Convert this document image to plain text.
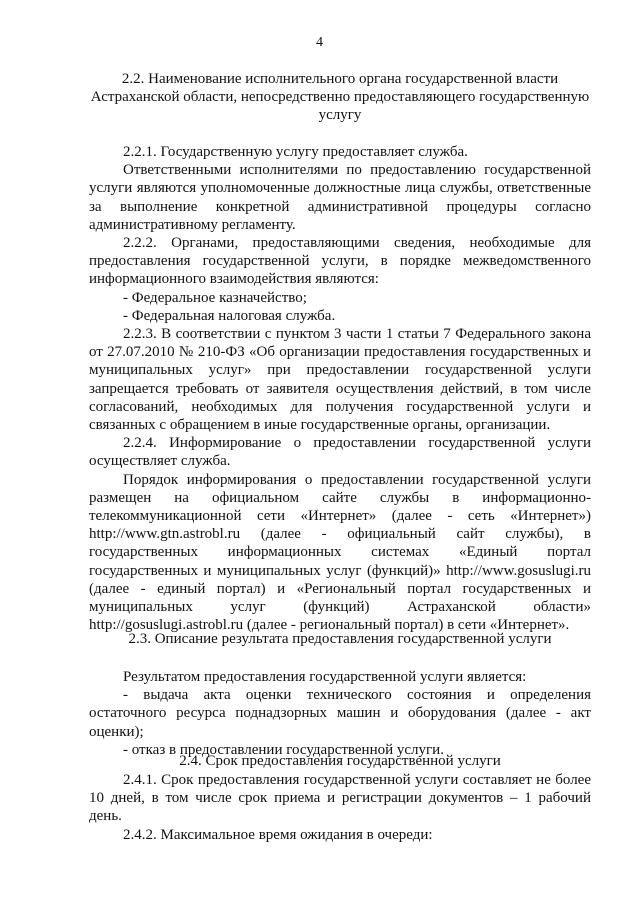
4
2.2. Наименование исполнительного органа государственной власти Астраханской области, непосредственно предоставляющего государственную услугу

2.2.1. Государственную услугу предоставляет служба.

Ответственными исполнителями по предоставлению государственной услуги являются уполномоченные должностные лица службы, ответственные за выполнение конкретной административной процедуры согласно административному регламенту.

2.2.2. Органами, предоставляющими сведения, необходимые для предоставления государственной услуги, в порядке межведомственного информационного взаимодействия являются:

- Федеральное казначейство;

- Федеральная налоговая служба.

2.2.3. В соответствии с пунктом 3 части 1 статьи 7 Федерального закона от 27.07.2010 № 210-ФЗ «Об организации предоставления государственных и муниципальных услуг» при предоставлении государственной услуги запрещается требовать от заявителя осуществления действий, в том числе согласований, необходимых для получения государственной услуги и связанных с обращением в иные государственные органы, организации.

2.2.4. Информирование о предоставлении государственной услуги осуществляет служба.

Порядок информирования о предоставлении государственной услуги размещен на официальном сайте службы в информационно-телекоммуникационной сети «Интернет» (далее - сеть «Интернет») http://www.gtn.astrobl.ru (далее - официальный сайт службы), в государственных информационных системах «Единый портал государственных и муниципальных услуг (функций)» http://www.gosuslugi.ru (далее - единый портал) и «Региональный портал государственных и муниципальных услуг (функций) Астраханской области» http://gosuslugi.astrobl.ru (далее - региональный портал) в сети «Интернет».

2.3. Описание результата предоставления государственной услуги

Результатом предоставления государственной услуги является:

- выдача акта оценки технического состояния и определения остаточного ресурса поднадзорных машин и оборудования (далее - акт оценки);

- отказ в предоставлении государственной услуги.

2.4. Срок предоставления государственной услуги

2.4.1. Срок предоставления государственной услуги составляет не более 10 дней, в том числе срок приема и регистрации документов – 1 рабочий день.

2.4.2. Максимальное время ожидания в очереди:
